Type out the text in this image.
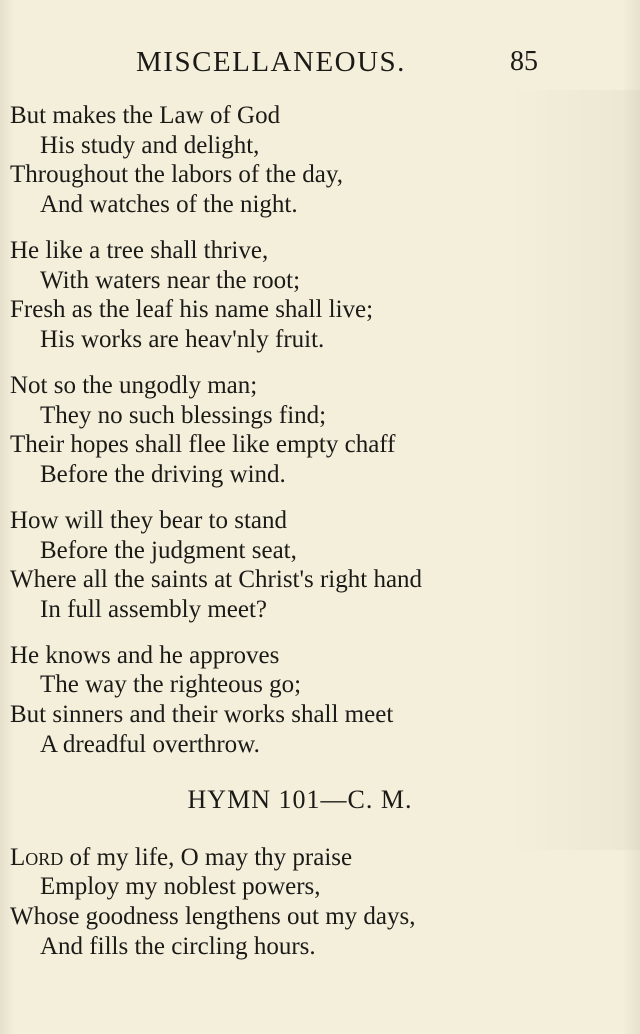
MISCELLANEOUS.	85
But makes the Law of God
His study and delight,
Throughout the labors of the day,
And watches of the night.
He like a tree shall thrive,
With waters near the root;
Fresh as the leaf his name shall live;
His works are heav'nly fruit.
Not so the ungodly man;
They no such blessings find;
Their hopes shall flee like empty chaff
Before the driving wind.
How will they bear to stand
Before the judgment seat,
Where all the saints at Christ's right hand
In full assembly meet?
He knows and he approves
The way the righteous go;
But sinners and their works shall meet
A dreadful overthrow.
HYMN 101—C. M.
Lord of my life, O may thy praise
Employ my noblest powers,
Whose goodness lengthens out my days,
And fills the circling hours.
